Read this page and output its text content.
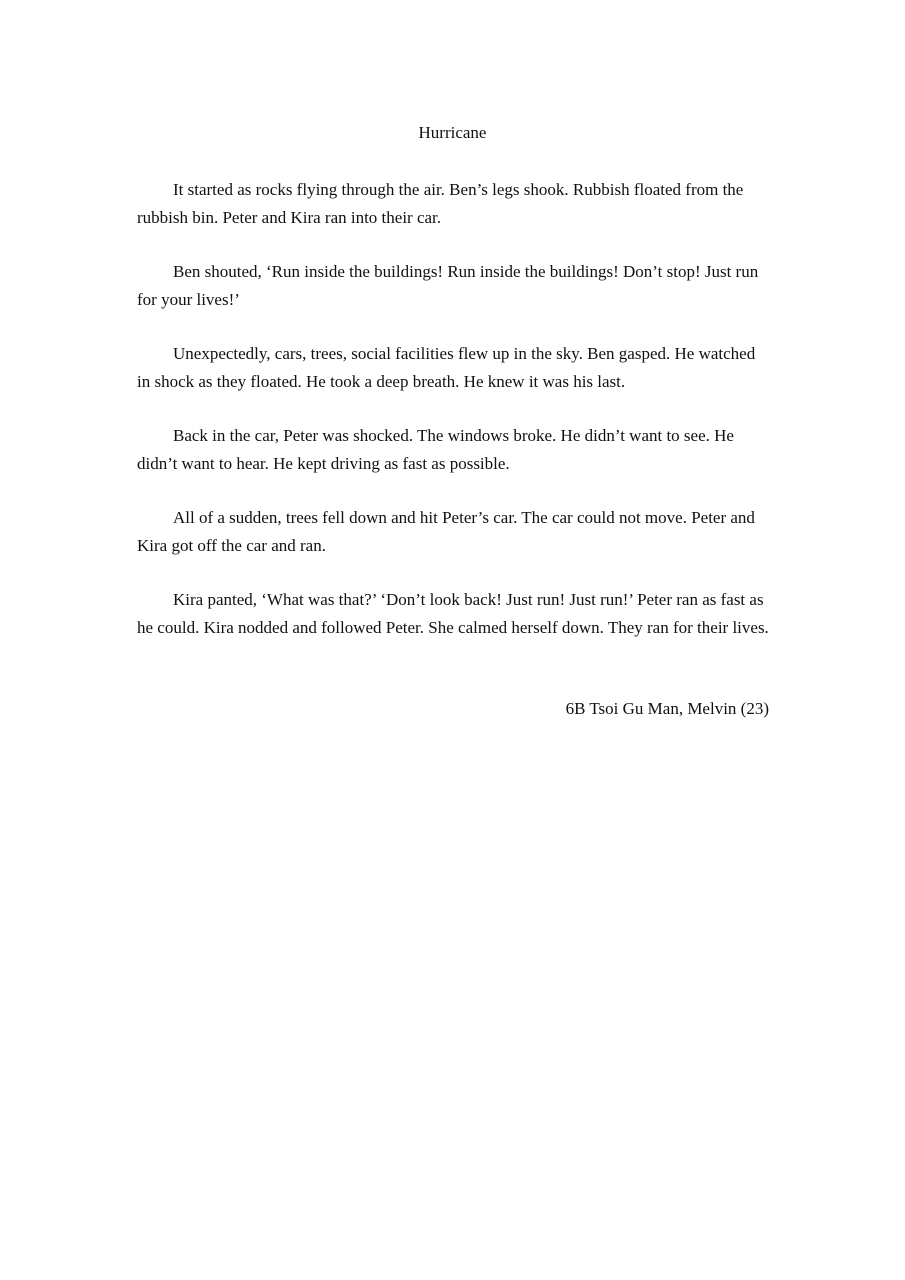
Hurricane

It started as rocks flying through the air. Ben’s legs shook. Rubbish floated from the rubbish bin. Peter and Kira ran into their car.

Ben shouted, ‘Run inside the buildings! Run inside the buildings! Don’t stop! Just run for your lives!’

Unexpectedly, cars, trees, social facilities flew up in the sky. Ben gasped. He watched in shock as they floated. He took a deep breath. He knew it was his last.

Back in the car, Peter was shocked. The windows broke. He didn’t want to see. He didn’t want to hear. He kept driving as fast as possible.

All of a sudden, trees fell down and hit Peter’s car. The car could not move. Peter and Kira got off the car and ran.

Kira panted, ‘What was that?’ ‘Don’t look back! Just run! Just run!’ Peter ran as fast as he could. Kira nodded and followed Peter. She calmed herself down. They ran for their lives.

6B Tsoi Gu Man, Melvin (23)
